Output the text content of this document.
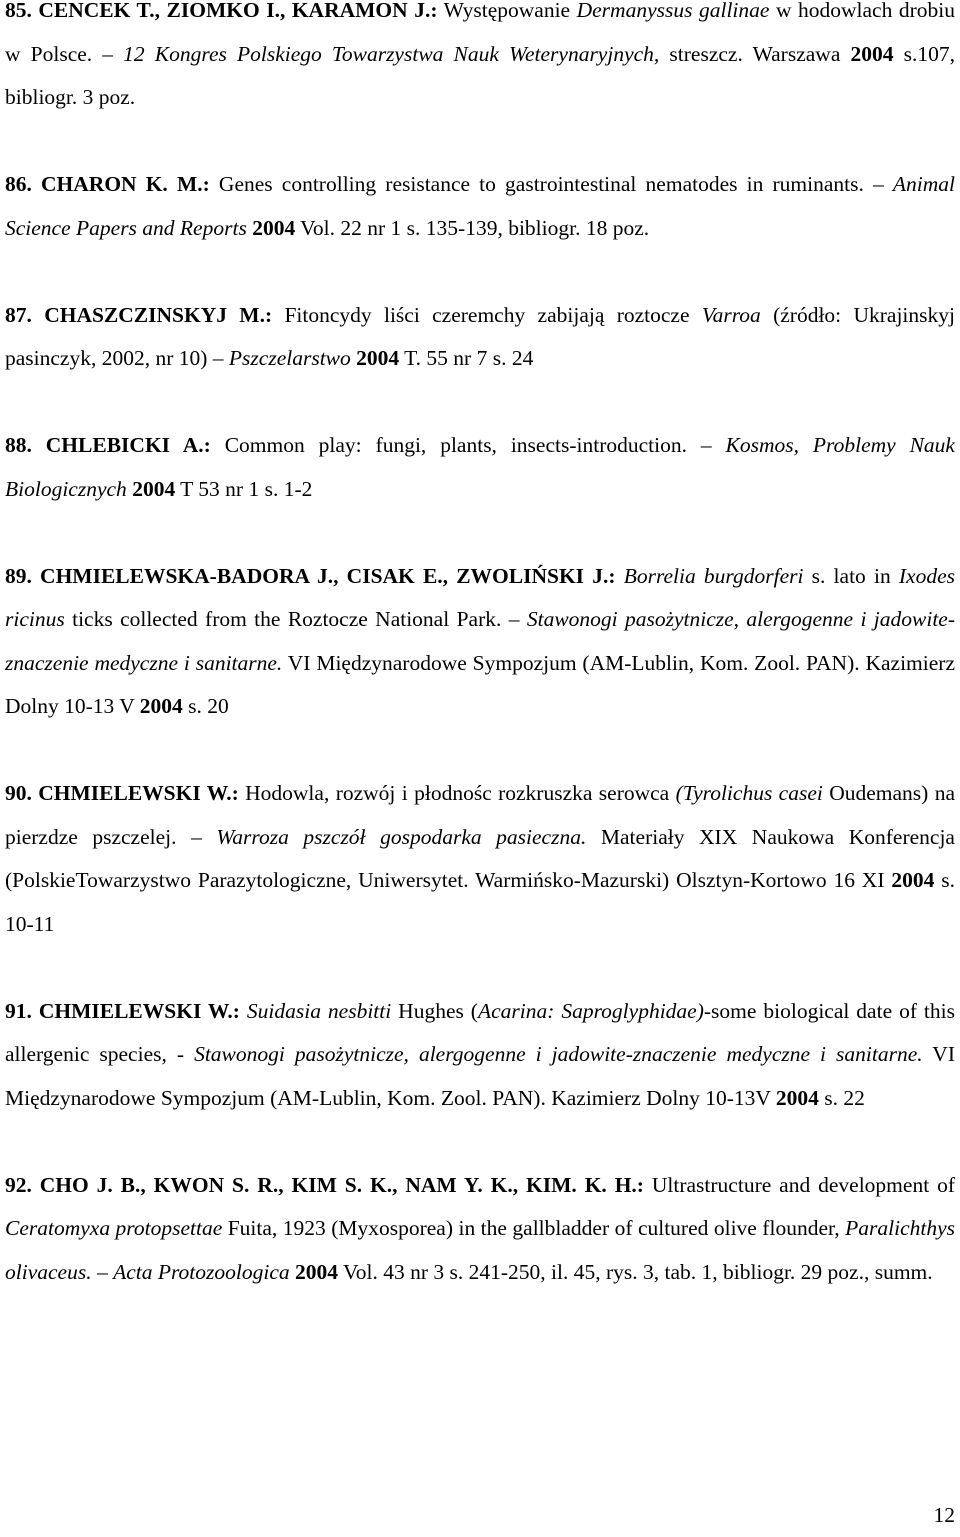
85. CENCEK T., ZIOMKO I., KARAMON J.: Występowanie Dermanyssus gallinae w hodowlach drobiu w Polsce. – 12 Kongres Polskiego Towarzystwa Nauk Weterynaryjnych, streszcz. Warszawa 2004 s.107, bibliogr. 3 poz.

86. CHARON K. M.: Genes controlling resistance to gastrointestinal nematodes in ruminants. – Animal Science Papers and Reports 2004 Vol. 22 nr 1 s. 135-139, bibliogr. 18 poz.

87. CHASZCZINSKYJ M.: Fitoncydy liści czeremchy zabijają roztocze Varroa (źródło: Ukrajinskyj pasinczyk, 2002, nr 10) – Pszczelarstwo 2004 T. 55 nr 7 s. 24

88. CHLEBICKI A.: Common play: fungi, plants, insects-introduction. – Kosmos, Problemy Nauk Biologicznych 2004 T 53 nr 1 s. 1-2

89. CHMIELEWSKA-BADORA J., CISAK E., ZWOLIŃSKI J.: Borrelia burgdorferi s. lato in Ixodes ricinus ticks collected from the Roztocze National Park. – Stawonogi pasożytnicze, alergogenne i jadowite-znaczenie medyczne i sanitarne. VI Międzynarodowe Sympozjum (AM-Lublin, Kom. Zool. PAN). Kazimierz Dolny 10-13 V 2004 s. 20

90. CHMIELEWSKI W.: Hodowla, rozwój i płodnośc rozkruszka serowca (Tyrolichus casei Oudemans) na pierzdze pszczelej. – Warroza pszczół gospodarka pasieczna. Materiały XIX Naukowa Konferencja (PolskieTowarzystwo Parazytologiczne, Uniwersytet. Warmińsko-Mazurski) Olsztyn-Kortowo 16 XI 2004 s. 10-11

91. CHMIELEWSKI W.: Suidasia nesbitti Hughes (Acarina: Saproglyphidae)-some biological date of this allergenic species, - Stawonogi pasożytnicze, alergogenne i jadowite-znaczenie medyczne i sanitarne. VI Międzynarodowe Sympozjum (AM-Lublin, Kom. Zool. PAN). Kazimierz Dolny 10-13V 2004 s. 22

92. CHO J. B., KWON S. R., KIM S. K., NAM Y. K., KIM. K. H.: Ultrastructure and development of Ceratomyxa protopsettae Fuita, 1923 (Myxosporea) in the gallbladder of cultured olive flounder, Paralichthys olivaceus. – Acta Protozoologica 2004 Vol. 43 nr 3 s. 241-250, il. 45, rys. 3, tab. 1, bibliogr. 29 poz., summ.

12
